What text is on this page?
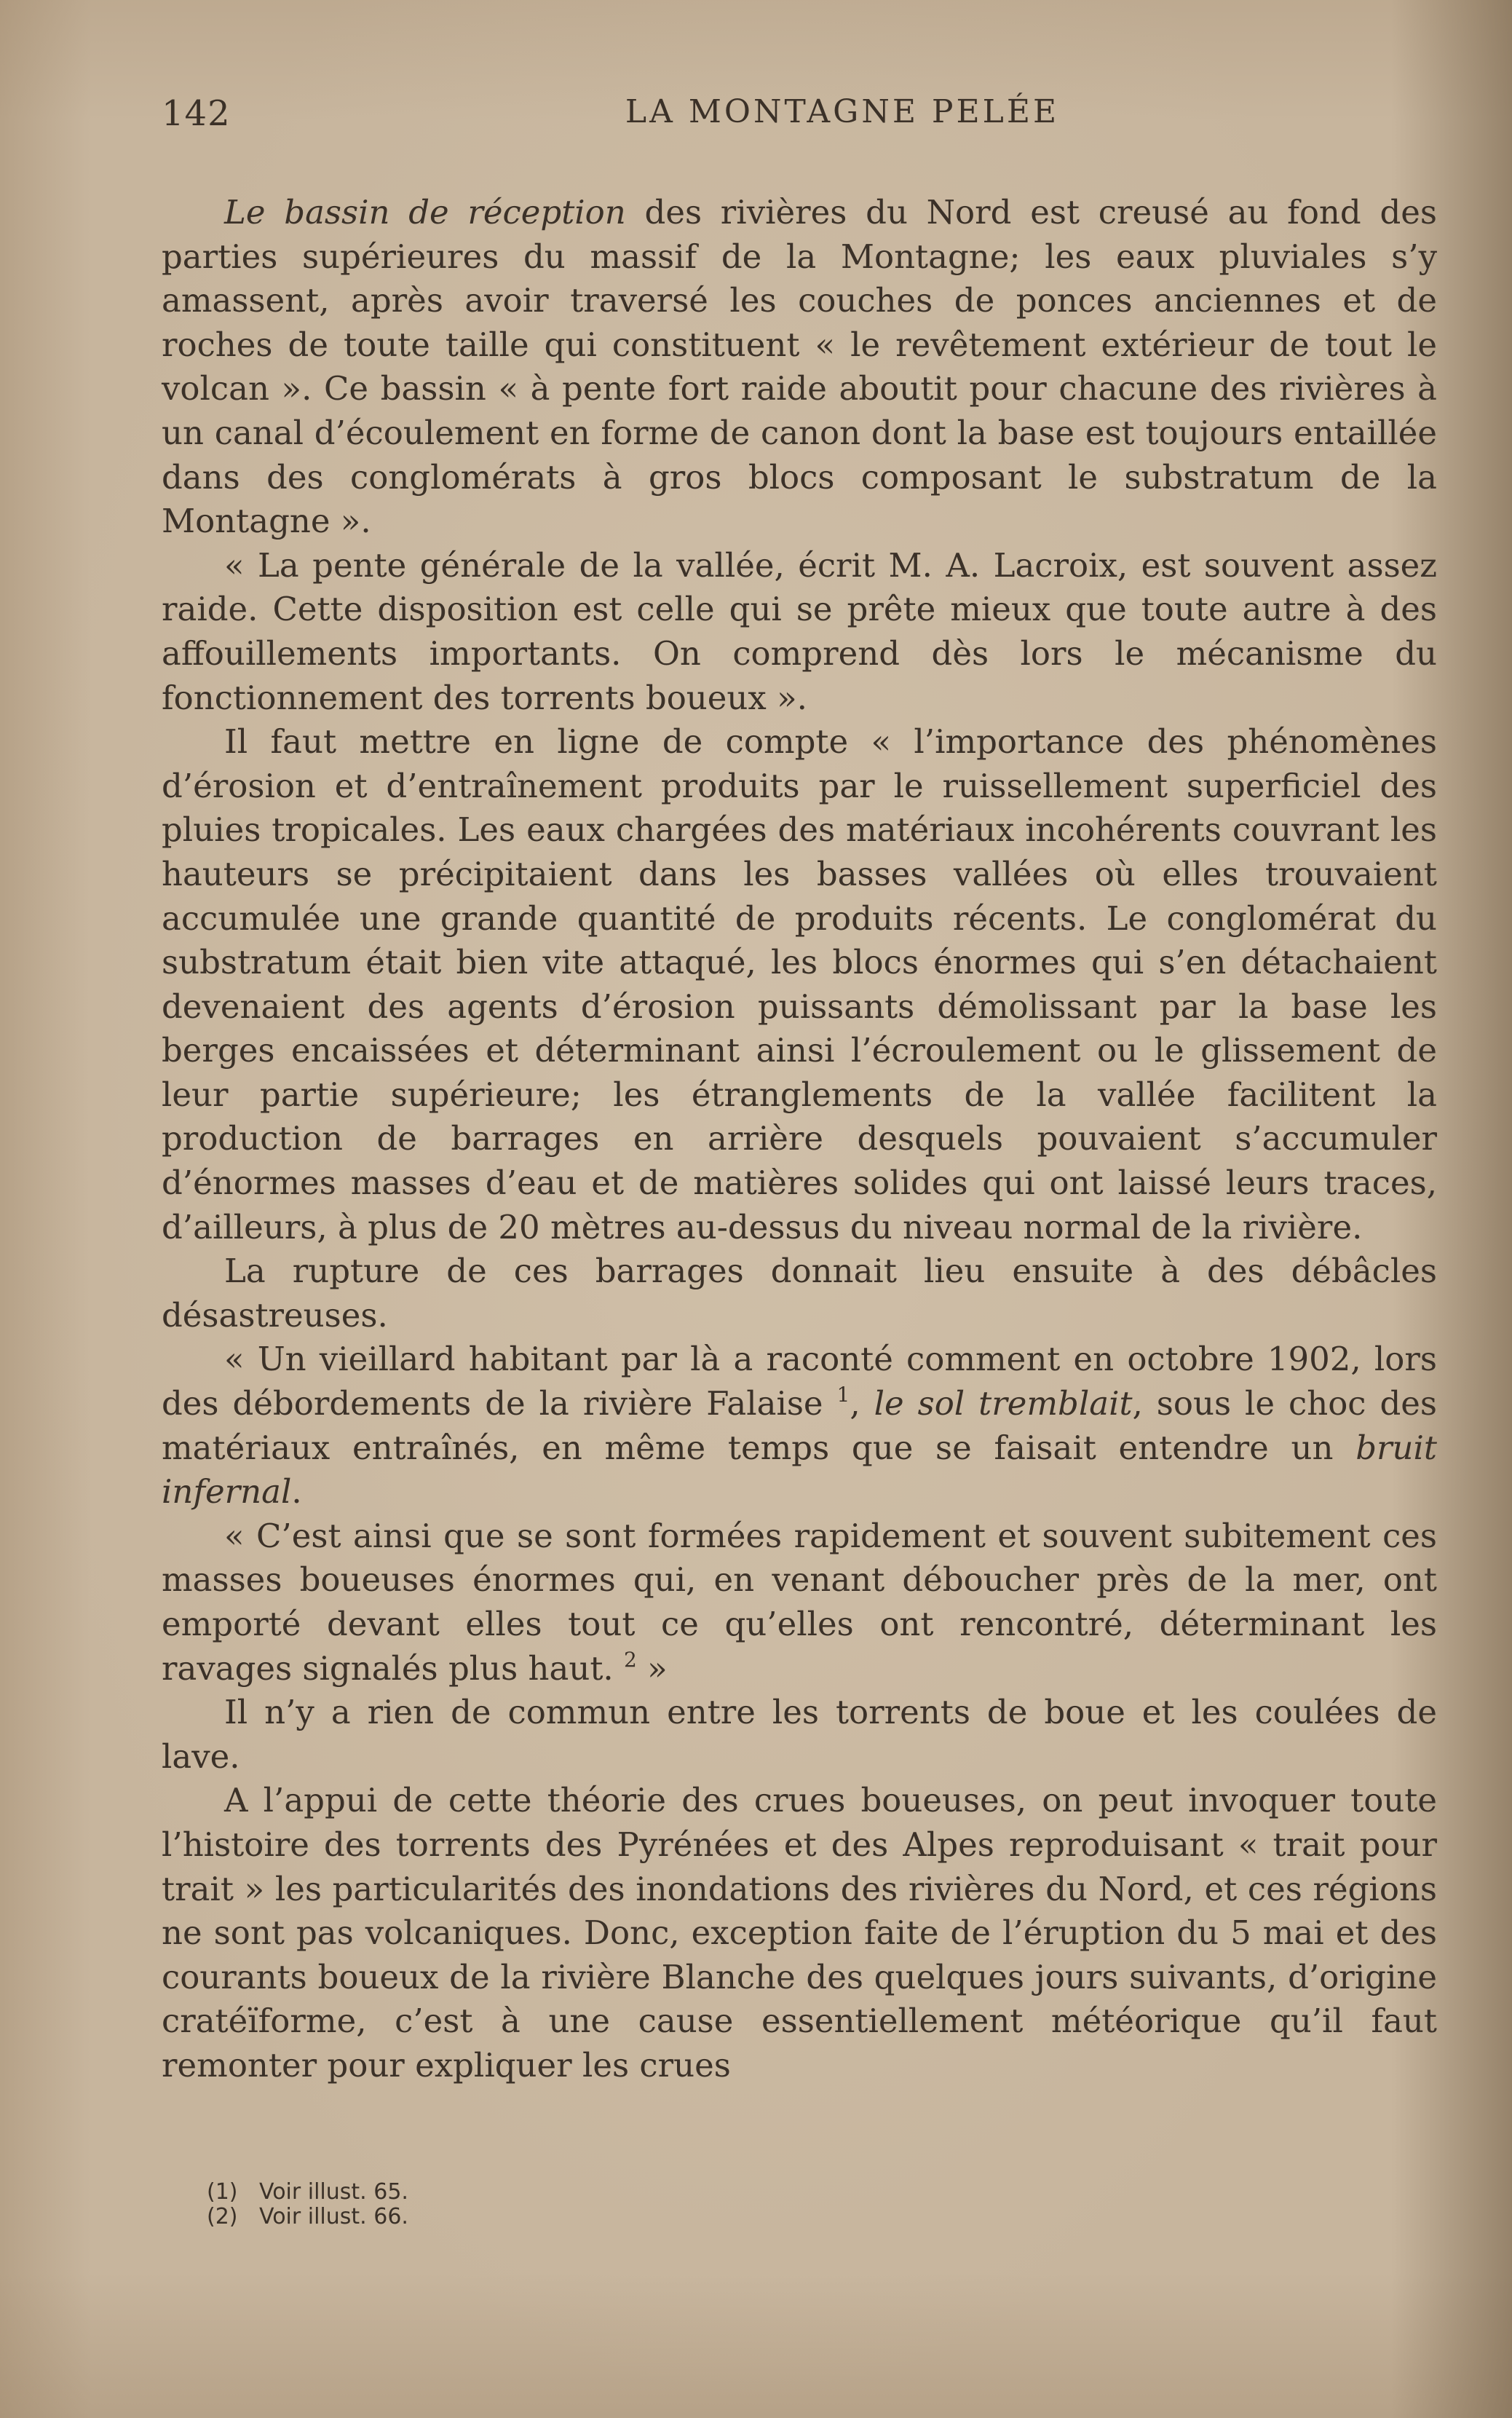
142	LA MONTAGNE PELÉE

Le bassin de réception des rivières du Nord est creusé au fond des parties supérieures du massif de la Montagne; les eaux pluviales s’y amassent, après avoir traversé les couches de ponces anciennes et de roches de toute taille qui constituent « le revêtement extérieur de tout le volcan ». Ce bassin « à pente fort raide aboutit pour chacune des rivières à un canal d’écoulement en forme de canon dont la base est toujours entaillée dans des conglomérats à gros blocs composant le substratum de la Montagne ».

« La pente générale de la vallée, écrit M. A. Lacroix, est souvent assez raide. Cette disposition est celle qui se prête mieux que toute autre à des affouillements importants. On comprend dès lors le mécanisme du fonctionnement des torrents boueux ».

Il faut mettre en ligne de compte « l’importance des phénomènes d’érosion et d’entraînement produits par le ruissellement superficiel des pluies tropicales. Les eaux chargées des matériaux incohérents couvrant les hauteurs se précipitaient dans les basses vallées où elles trouvaient accumulée une grande quantité de produits récents. Le conglomérat du substratum était bien vite attaqué, les blocs énormes qui s’en détachaient devenaient des agents d’érosion puissants démolissant par la base les berges encaissées et déterminant ainsi l’écroulement ou le glissement de leur partie supérieure; les étranglements de la vallée facilitent la production de barrages en arrière desquels pouvaient s’accumuler d’énormes masses d’eau et de matières solides qui ont laissé leurs traces, d’ailleurs, à plus de 20 mètres au-dessus du niveau normal de la rivière.

La rupture de ces barrages donnait lieu ensuite à des débâcles désastreuses.

« Un vieillard habitant par là a raconté comment en octobre 1902, lors des débordements de la rivière Falaise $^1$, le sol tremblait, sous le choc des matériaux entraînés, en même temps que se faisait entendre un bruit infernal.

« C’est ainsi que se sont formées rapidement et souvent subitement ces masses boueuses énormes qui, en venant déboucher près de la mer, ont emporté devant elles tout ce qu’elles ont rencontré, déterminant les ravages signalés plus haut. $^2$ »

Il n’y a rien de commun entre les torrents de boue et les coulées de lave.

A l’appui de cette théorie des crues boueuses, on peut invoquer toute l’histoire des torrents des Pyrénées et des Alpes reproduisant « trait pour trait » les particularités des inondations des rivières du Nord, et ces régions ne sont pas volcaniques. Donc, exception faite de l’éruption du 5 mai et des courants boueux de la rivière Blanche des quelques jours suivants, d’origine cratéïforme, c’est à une cause essentiellement météorique qu’il faut remonter pour expliquer les crues

(1) Voir illust. 65.
(2) Voir illust. 66.
